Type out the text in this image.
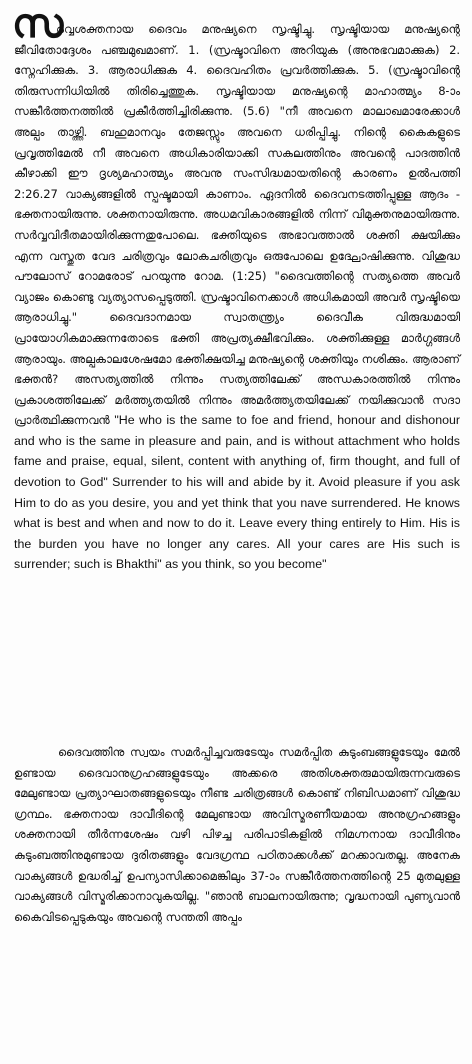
സ

ർവ്വശക്തനായ ദൈവം മനുഷ്യനെ സൃഷ്ടിച്ചു. സൃഷ്ടിയായ മനുഷ്യന്റെ ജീവിതോദ്ദേശം പഞ്ചമുഖമാണ്. 1. (സ്രഷ്ടാവിനെ അറിയുക (അനുഭവമാക്കുക) 2. സ്നേഹിക്കുക. 3. ആരാധിക്കുക 4. ദൈവഹിതം പ്രവർത്തിക്കുക. 5. (സ്രഷ്ടാവിന്റെ തിരുസന്നിധിയിൽ തിരിച്ചെത്തുക. സൃഷ്ടിയായ മനുഷ്യന്റെ മാഹാത്മ്യം 8-ാം സങ്കീർത്തനത്തിൽ പ്രകീർത്തിച്ചിരിക്കുന്നു. (5.6) "നീ അവനെ മാലാഖമാരേക്കാൾ അല്പം താഴ്ത്തി. ബഹുമാനവും തേജസ്സും അവനെ ധരിപ്പിച്ചു. നിന്റെ കൈകളുടെ പ്രവൃത്തിമേൽ നീ അവനെ അധികാരിയാക്കി സകലത്തിനും അവന്റെ പാദത്തിൻ കീഴാക്കി ഈ ദൃശ്യമഹാത്മ്യം അവനു സംസിദ്ധമായതിന്റെ കാരണം ഉൽപത്തി 2:26.27 വാക്യങ്ങളിൽ സ്പഷ്ടമായി കാണാം. ഏദനിൽ ദൈവനടത്തിപ്പുള്ള ആദം - ഭക്തനായിരുന്നു. ശക്തനായിരുന്നു. അധമവികാരങ്ങളിൽ നിന്ന് വിമുക്തനുമായിരുന്നു. സർവ്വവിദീതമായിരിക്കുന്നതുപോലെ. ഭക്തിയുടെ അഭാവത്താൽ ശക്തി ക്ഷയിക്കും എന്ന വസ്തുത വേദ ചരിത്രവും ലോകചരിത്രവും ഒരുപോലെ ഉദ്ഘോഷിക്കുന്നു. വിശുദ്ധ പൗലോസ് റോമരോട് പറയുന്നു റോമ. (1:25) "ദൈവത്തിന്റെ സത്യത്തെ അവർ വ്യാജം കൊണ്ടു വ്യത്യാസപ്പെടുത്തി. സ്രഷ്ടാവിനെക്കാൾ അധികമായി അവർ സൃഷ്ടിയെ ആരാധിച്ചു." ദൈവദാനമായ സ്വാതന്ത്ര്യം ദൈവീക വിരുദ്ധമായി പ്രായോഗികമാക്കുന്നതോടെ ഭക്തി അപ്രത്യക്ഷീഭവിക്കും. ശക്തിക്കുള്ള മാർഗ്ഗങ്ങൾ ആരായും. അല്പകാലശേഷമോ ഭക്തിക്ഷയിച്ച മനുഷ്യന്റെ ശക്തിയും നശിക്കും. ആരാണ് ഭക്തൻ? അസത്യത്തിൽ നിന്നും സത്യത്തിലേക്ക് അന്ധകാരത്തിൽ നിന്നും പ്രകാശത്തിലേക്ക് മർത്ത്യതയിൽ നിന്നും അമർത്ത്യതയിലേക്ക് നയിക്കുവാൻ സദാ പ്രാർത്ഥിക്കുന്നവൻ "He who is the same to foe and friend, honour and dishonour and who is the same in pleasure and pain, and is without attachment who holds fame and praise, equal, silent, content with anything of, firm thought, and full of devotion to God" Surrender to his will and abide by it. Avoid pleasure if you ask Him to do as you desire, you and yet think that you nave surrendered. He knows what is best and when and now to do it. Leave every thing entirely to Him. His is the burden you have no longer any cares. All your cares are His such is surrender; such is Bhakthi" as you think, so you become"

ദൈവത്തിനു സ്വയം സമർപ്പിച്ചവരുടേയും സമർപ്പിത കുടുംബങ്ങളുടേയും മേൽ ഉണ്ടായ ദൈവാനുഗ്രഹങ്ങളുടേയും അക്കരെ അതിശക്തരുമായിരുന്നവരുടെ മേലുണ്ടായ പ്രത്യാഘാതങ്ങളുടെയും നീണ്ട ചരിത്രങ്ങൾ കൊണ്ട് നിബിഡമാണ് വിശുദ്ധ ഗ്രന്ഥം. ഭക്തനായ ദാവീദിന്റെ മേലുണ്ടായ അവിസ്മരണീയമായ അനുഗ്രഹങ്ങളും ശക്തനായി തീർന്നശേഷം വഴി പിഴച്ച പരിപാടികളിൽ നിമഗ്നനായ ദാവീദിനും കുടുംബത്തിനുമുണ്ടായ ദുരിതങ്ങളും വേദഗ്രന്ഥ പഠിതാക്കൾക്ക് മറക്കാവതല്ല. അനേക വാക്യങ്ങൾ ഉദ്ധരിച്ച് ഉപന്യാസിക്കാമെങ്കിലും 37-ാം സങ്കീർത്തനത്തിന്റെ 25 മുതലുള്ള വാക്യങ്ങൾ വിസ്മരിക്കാനാവുകയില്ല. "ഞാൻ ബാലനായിരുന്നു; വൃദ്ധനായി പുണ്യവാൻ കൈവിടപ്പെടുകയും അവന്റെ സന്തതി അപ്പം
